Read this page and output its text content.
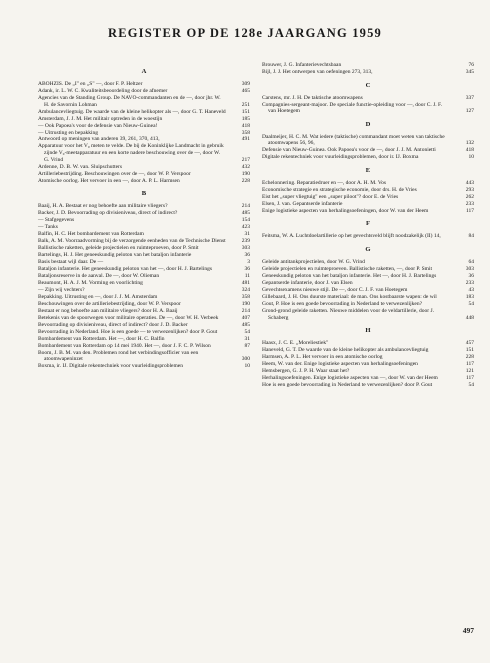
REGISTER OP DE 128e JAARGANG 1959
A
ABOHZIS. De „I" en „S" —, door F. P. Heltzer	309
Adank, ir. L. W. C. Kwaliteitsbeoordeling door de afnemer	465
Agencies van de Standing Group. De NAVO-commandanten en de —, door jhr. W. H. de Savornin Lohman	251
Ambulancevliegtuig. De waarde van de kleine helikopter als —, door G. T. Haneveld	151
Amsterdam, J. J. M. Het militair optreden in de woestijn	185
— Ook Papoea's voor de defensie van Nieuw-Guinea!	418
— Uitrusting en bepakking	358
Antwoord op meningen van anderen 39, 261, 370, 413,	491
Apparatuur voor het V₀ meten te velde. De bij de Koninklijke Landmacht in gebruik zijnde V₀-meetapparatuur en een korte nadere beschouwing over de —, door W. G. Vrind	217
Ardenne, D. B. W. van. Sluipschutters	432
Artilleriebestrijding. Beschouwingen over de —, door W. P. Verspoor	190
Atomische oorlog. Het vervoer in een —, door A. P. L. Harmsen	228
B
Baaij, H. A. Bestaat er nog behoefte aan militaire vliegers?	214
Backer, J. D. Bevoorrading op divisieniveau, direct of indirect?	485
— Stafgegevens	154
— Tanks	423
Balfin, H. C. Het bombardement van Rotterdam	31
Balk, A. M. Voorraadvorming bij de verzorgende eenheden van de Technische Dienst	239
Ballistische raketten, geleide projectielen en ruimteproeven, door P. Smit	303
Bartelings, H. J. Het geneeskundig peloton van het bataljon infanterie	36
Basis bestaat wijl daar. De —	3
Bataljon infanterie. Het geneeskundig peloton van het —, door H. J. Bartelings	36
Bataljonsreserve in de aanval. De —, door W. Olieman	11
Beaumont, H. A. J. M. Vorming en voorlichting	481
— Zijn wij vechters?	324
Bepakking. Uitrusting en —, door J. J. M. Amsterdam	358
Beschouwingen over de artilleriebestrijding, door W. P. Verspoor	190
Bestaat er nog behoefte aan militaire vliegers? door H. A. Baaij	214
Betekenis van de spoorwegen voor militaire operaties. De —, door W. H. Verbeek	407
Bevoorrading op divisieniveau, direct of indirect? door J. D. Backer	485
Bevoorrading in Nederland. Hoe is een goede — te verwezenlijken? door P. Gout	54
Bombardement van Rotterdam. Het —, door H. C. Balfin	31
Bombardement van Rotterdam op 14 mei 1940. Het —, door J. F. C. P. Wilson	87
Boom, J. B. M. van den. Problemen rond het verbindingsofficier van een atoomwapeninzet	300
Boxma, ir. IJ. Digitale rekentechniek voor vuurleidingsproblemen	10
Brouwer, J. G. Infanterievechtsbaan	76
Bijl, J. J. Het ontwerpen van oefeningen 273, 313,	345
C
Carstens, mr. J. H. De taktische atoomwapens	337
Compagnies-sergeant-majoor. De speciale functie-opleiding voor —, door C. J. F. van Hoetegem	127
D
Daalmeijer, H. C. M. Wat iedere (taktische) commandant moet weten van taktische atoomwapens 56, 96,	132
Defensie van Nieuw-Guinea. Ook Papoea's voor de —, door J. J. M. Antonietti	418
Digitale rekentechniek voor vuurleidingsproblemen, door ir. IJ. Boxma	10
E
Echelonnering. Reparatiedruer en —, door A. H. M. Vos	443
Economische strategie en strategische economie, door drs. H. de Vries	293
Eist het „super vliegtuig" een „super piloot"? door E. de Vries	262
Elsen, J. van. Gepantserde infanterie	233
Enige logistieke aspecten van herhalingsoefeningen, door W. van der Heem	117
F
Feitsma, W. A. Luchtdoelartillerie op het gevechtsveld blijft noodzakelijk (II) 14,	84
G
Geleide antitankprojectielen, door W. G. Vrind	64
Geleide projectielen en ruimteproeven. Ballistische raketten, —, door P. Smit	303
Geneeskundig peloton van het bataljon infanterie. Het —, door H. J. Bartelings	36
Gepantserde infanterie, door J. van Elsen	233
Gevechtsexamens nieuwe stijl. De —, door C. J. F. van Hoetegem	43
Gillebaard, J. H. Ons duurste materiaal: de man. Ons kostbaarste wapen: de wil	183
Gout, P. Hoe is een goede bevoorrading in Nederland te verwezenlijken?	54
Grond-grond geleide raketten. Nieuwe middelen voor de veldartillerie, door J. Schaberg	448
H
Haasx, J. C. E. „Moreliestiek"	457
Haneveld, G. T. De waarde van de kleine helikopter als ambulancevliegtuig	151
Harmsen, A. P. L. Het vervoer in een atomische oorlog	228
Heem, W. van der. Enige logistieke aspecten van herhalingsoefeningen	117
Hemsbergen, G. J. P. H. Waar staat het?	121
Herhalingsoefeningen. Enige logistieke aspecten van —, door W. van der Heem	117
Hoe is een goede bevoorrading in Nederland te verwezenlijken? door P. Gout	54
497
